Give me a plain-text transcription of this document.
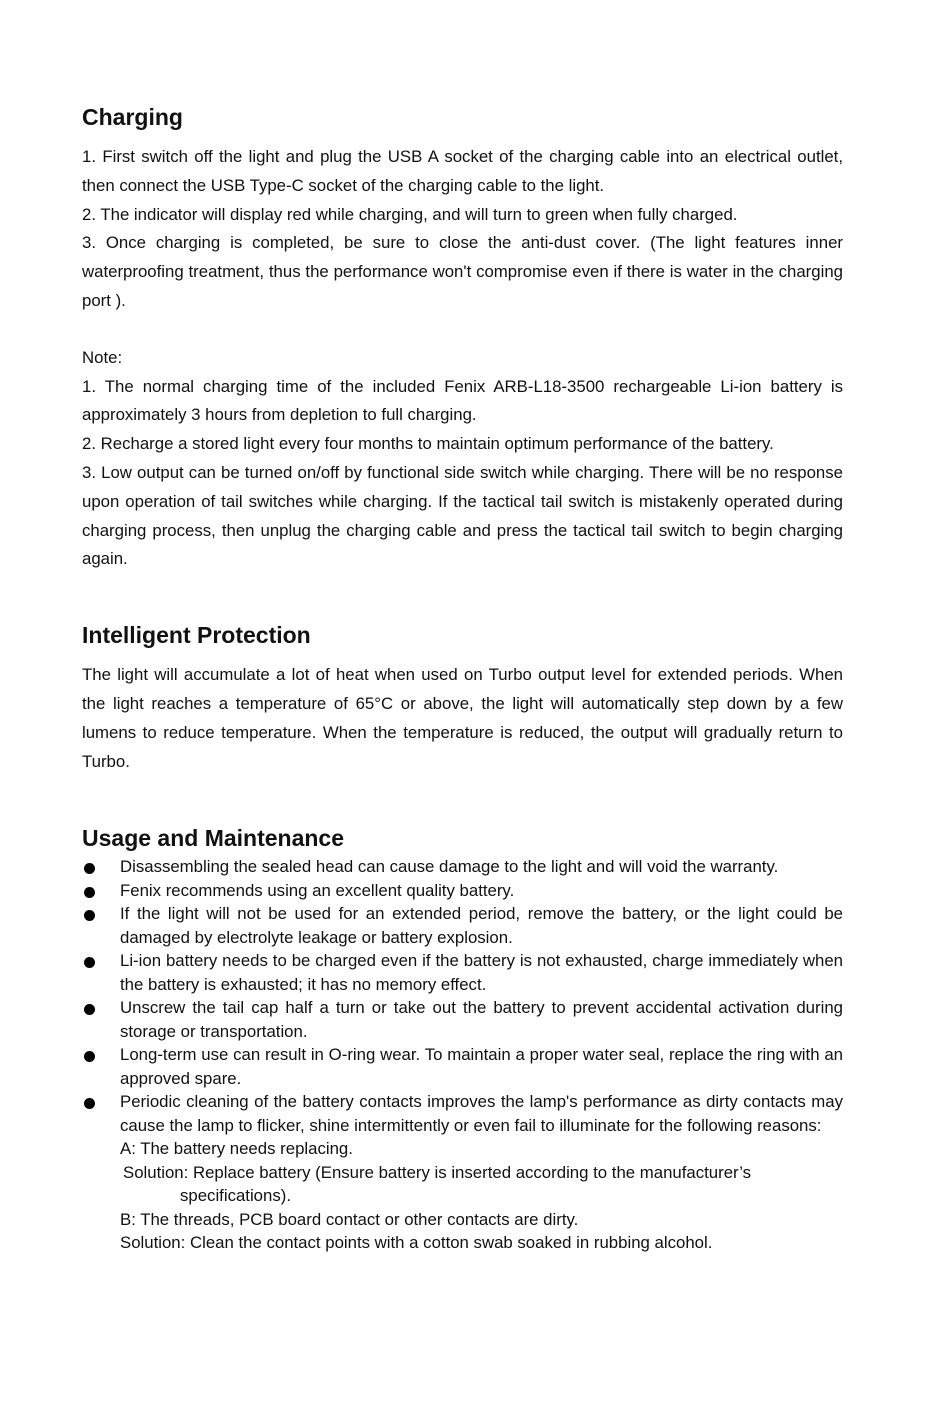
Charging

1. First switch off the light and plug the USB A socket of the charging cable into an electrical outlet, then connect the USB Type-C socket of the charging cable to the light.

2. The indicator will display red while charging, and will turn to green when fully charged.

3. Once charging is completed, be sure to close the anti-dust cover. (The light features inner waterproofing treatment, thus the performance won't compromise even if there is water in the charging port ).

Note:

1. The normal charging time of the included Fenix ARB-L18-3500 rechargeable Li-ion battery is approximately 3 hours from depletion to full charging.

2. Recharge a stored light every four months to maintain optimum performance of the battery.

3. Low output can be turned on/off by functional side switch while charging. There will be no response upon operation of tail switches while charging. If the tactical tail switch is mistakenly operated during charging process, then unplug the charging cable and press the tactical tail switch to begin charging again.

Intelligent Protection

The light will accumulate a lot of heat when used on Turbo output level for extended periods. When the light reaches a temperature of 65°C or above, the light will automatically step down by a few lumens to reduce temperature. When the temperature is reduced, the output will gradually return to Turbo.

Usage and Maintenance
Disassembling the sealed head can cause damage to the light and will void the warranty.
Fenix recommends using an excellent quality battery.
If the light will not be used for an extended period, remove the battery, or the light could be damaged by electrolyte leakage or battery explosion.
Li-ion battery needs to be charged even if the battery is not exhausted, charge immediately when the battery is exhausted; it has no memory effect.
Unscrew the tail cap half a turn or take out the battery to prevent accidental activation during storage or transportation.
Long-term use can result in O-ring wear. To maintain a proper water seal, replace the ring with an approved spare.
Periodic cleaning of the battery contacts improves the lamp's performance as dirty contacts may cause the lamp to flicker, shine intermittently or even fail to illuminate for the following reasons:
A: The battery needs replacing.
Solution: Replace battery (Ensure battery is inserted according to the manufacturer’s
specifications).
B: The threads, PCB board contact or other contacts are dirty.
Solution: Clean the contact points with a cotton swab soaked in rubbing alcohol.
